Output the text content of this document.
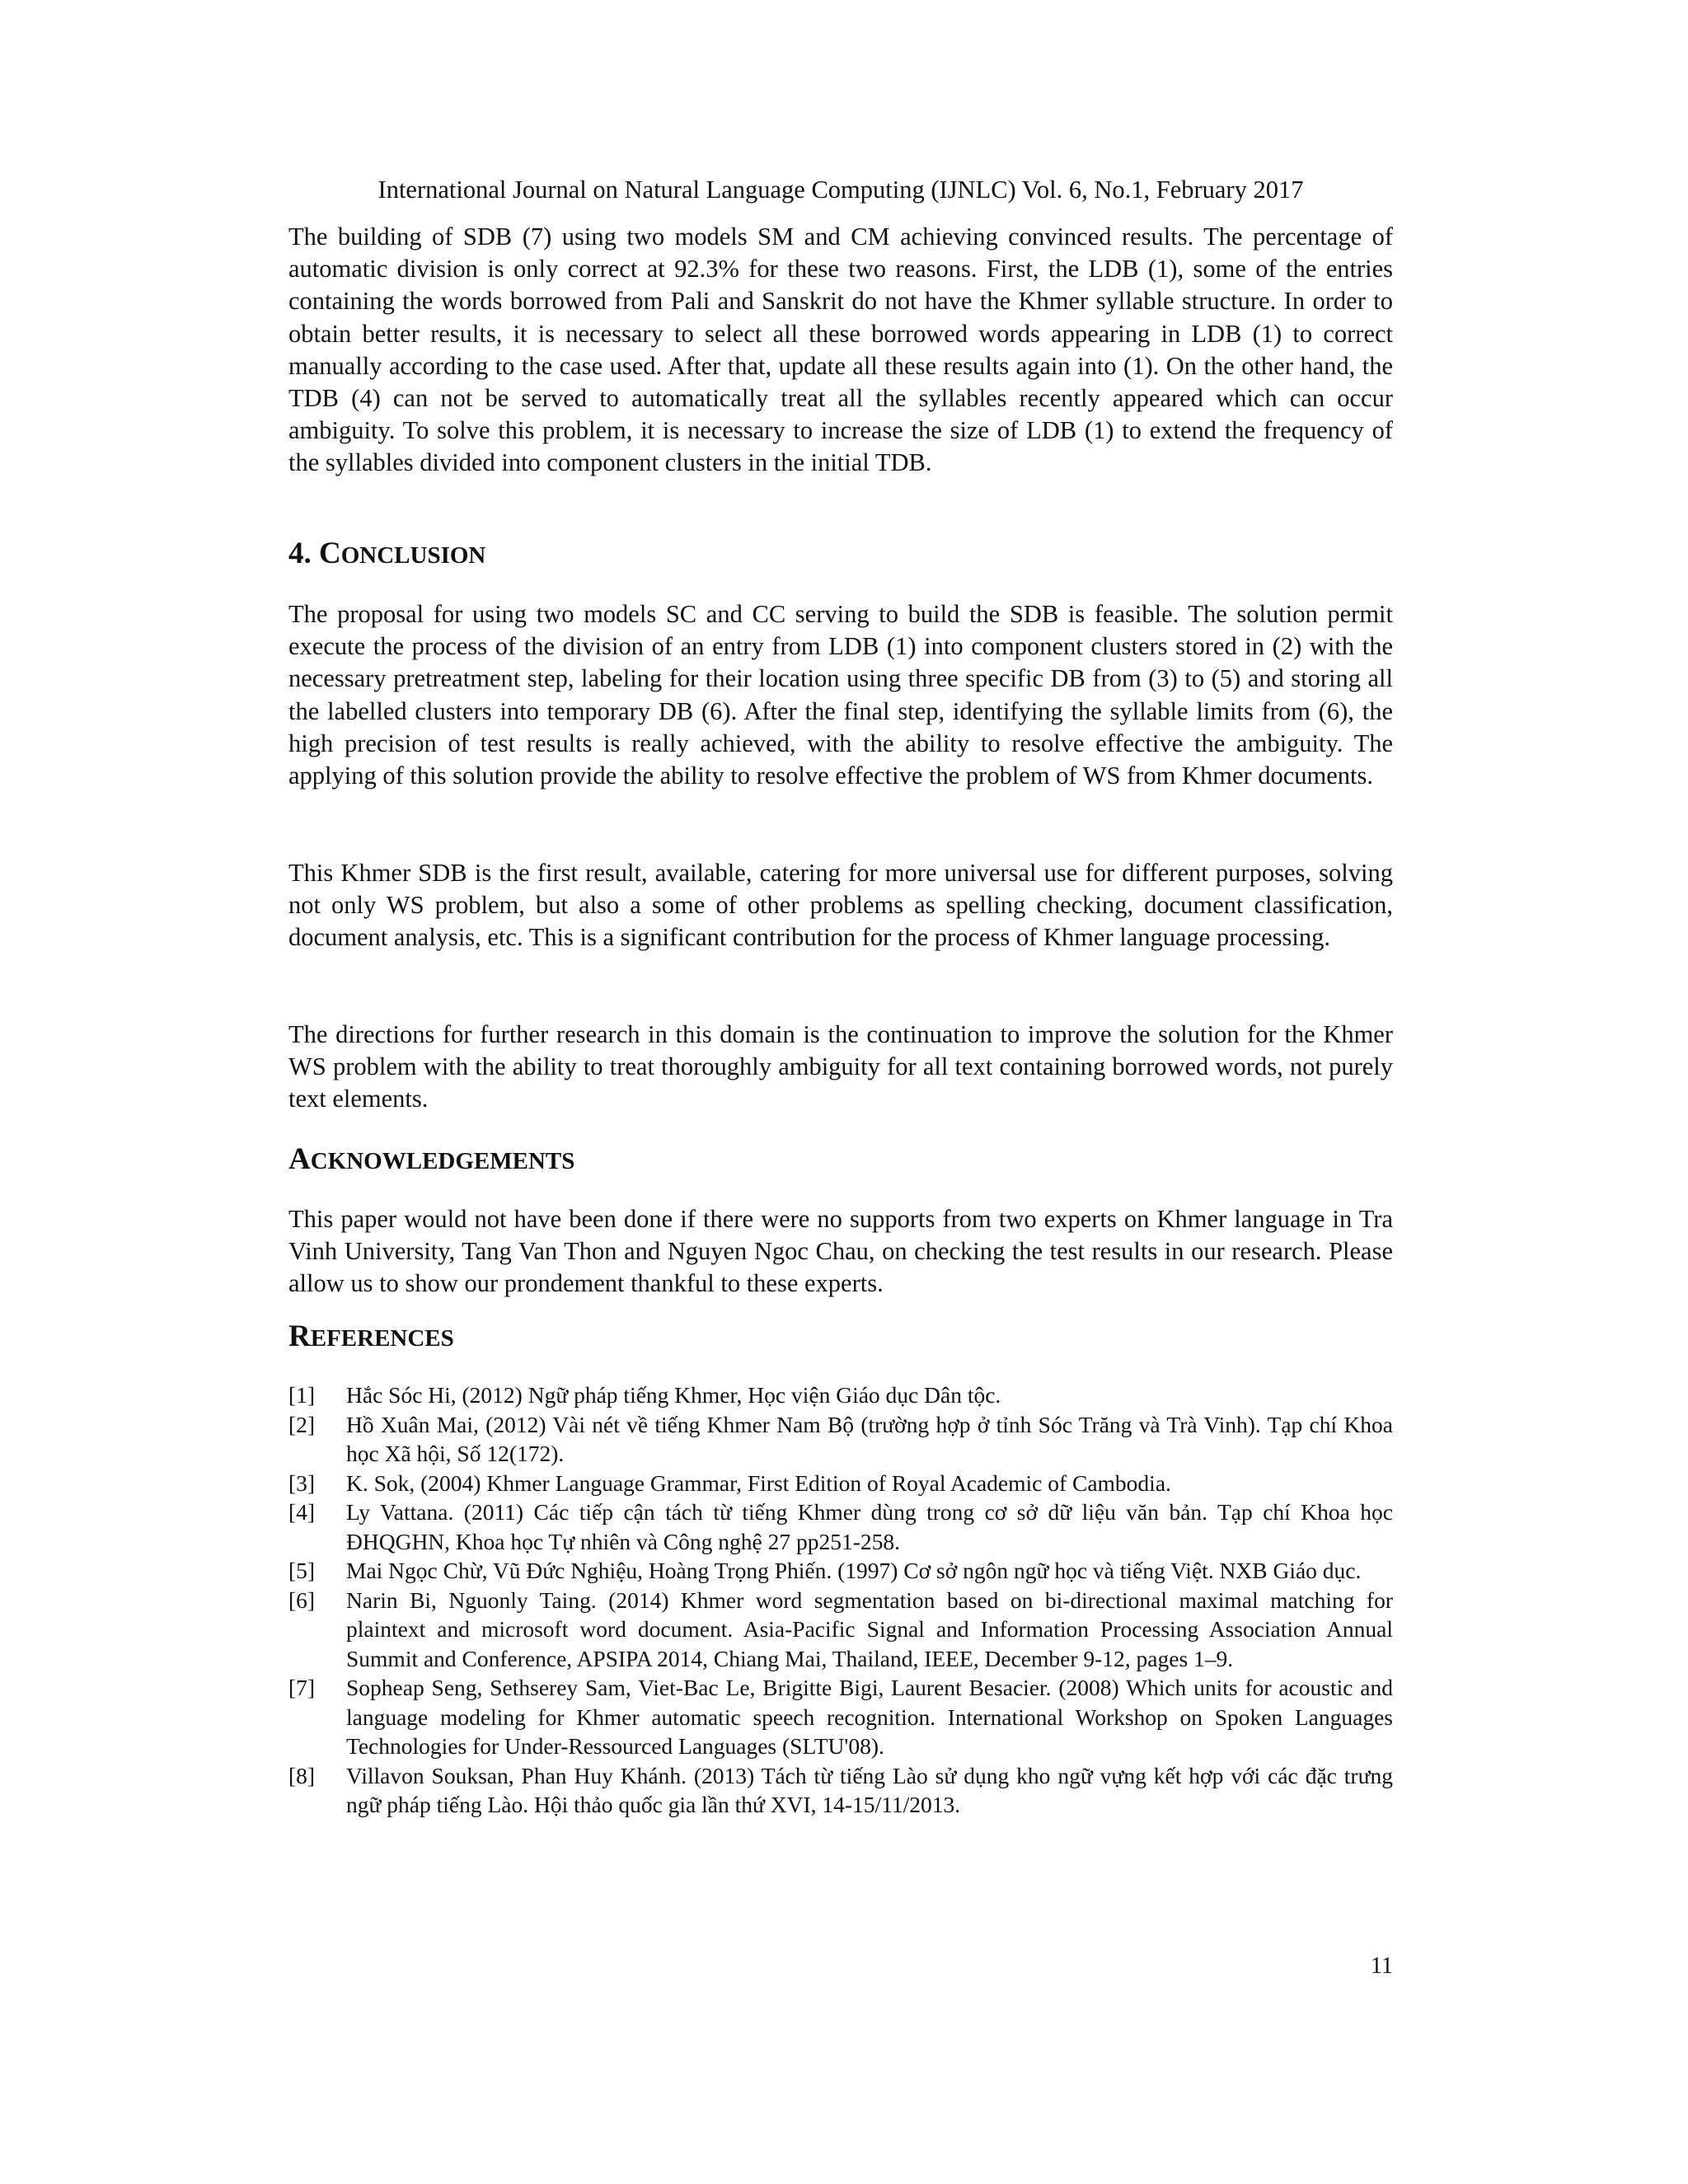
International Journal on Natural Language Computing (IJNLC) Vol. 6, No.1, February 2017

The building of SDB (7) using two models SM and CM achieving convinced results. The percentage of automatic division is only correct at 92.3% for these two reasons. First, the LDB (1), some of the entries containing the words borrowed from Pali and Sanskrit do not have the Khmer syllable structure. In order to obtain better results, it is necessary to select all these borrowed words appearing in LDB (1) to correct manually according to the case used. After that, update all these results again into (1). On the other hand, the TDB (4) can not be served to automatically treat all the syllables recently appeared which can occur ambiguity. To solve this problem, it is necessary to increase the size of LDB (1) to extend the frequency of the syllables divided into component clusters in the initial TDB.

4. CONCLUSION

The proposal for using two models SC and CC serving to build the SDB is feasible. The solution permit execute the process of the division of an entry from LDB (1) into component clusters stored in (2) with the necessary pretreatment step, labeling for their location using three specific DB from (3) to (5) and storing all the labelled clusters into temporary DB (6). After the final step, identifying the syllable limits from (6), the high precision of test results is really achieved, with the ability to resolve effective the ambiguity. The applying of this solution provide the ability to resolve effective the problem of WS from Khmer documents.

This Khmer SDB is the first result, available, catering for more universal use for different purposes, solving not only WS problem, but also a some of other problems as spelling checking, document classification, document analysis, etc. This is a significant contribution for the process of Khmer language processing.

The directions for further research in this domain is the continuation to improve the solution for the Khmer WS problem with the ability to treat thoroughly ambiguity for all text containing borrowed words, not purely text elements.

ACKNOWLEDGEMENTS

This paper would not have been done if there were no supports from two experts on Khmer language in Tra Vinh University, Tang Van Thon and Nguyen Ngoc Chau, on checking the test results in our research. Please allow us to show our prondement thankful to these experts.

REFERENCES
[1] Hắc Sóc Hi, (2012) Ngữ pháp tiếng Khmer, Học viện Giáo dục Dân tộc.
[2] Hồ Xuân Mai, (2012) Vài nét về tiếng Khmer Nam Bộ (trường hợp ở tỉnh Sóc Trăng và Trà Vinh). Tạp chí Khoa học Xã hội, Số 12(172).
[3] K. Sok, (2004) Khmer Language Grammar, First Edition of Royal Academic of Cambodia.
[4] Ly Vattana. (2011) Các tiếp cận tách từ tiếng Khmer dùng trong cơ sở dữ liệu văn bản. Tạp chí Khoa học ĐHQGHN, Khoa học Tự nhiên và Công nghệ 27 pp251-258.
[5] Mai Ngọc Chừ, Vũ Đức Nghiệu, Hoàng Trọng Phiến. (1997) Cơ sở ngôn ngữ học và tiếng Việt. NXB Giáo dục.
[6] Narin Bi, Nguonly Taing. (2014) Khmer word segmentation based on bi-directional maximal matching for plaintext and microsoft word document. Asia-Pacific Signal and Information Processing Association Annual Summit and Conference, APSIPA 2014, Chiang Mai, Thailand, IEEE, December 9-12, pages 1–9.
[7] Sopheap Seng, Sethserey Sam, Viet-Bac Le, Brigitte Bigi, Laurent Besacier. (2008) Which units for acoustic and language modeling for Khmer automatic speech recognition. International Workshop on Spoken Languages Technologies for Under-Ressourced Languages (SLTU'08).
[8] Villavon Souksan, Phan Huy Khánh. (2013) Tách từ tiếng Lào sử dụng kho ngữ vựng kết hợp với các đặc trưng ngữ pháp tiếng Lào. Hội thảo quốc gia lần thứ XVI, 14-15/11/2013.
11
